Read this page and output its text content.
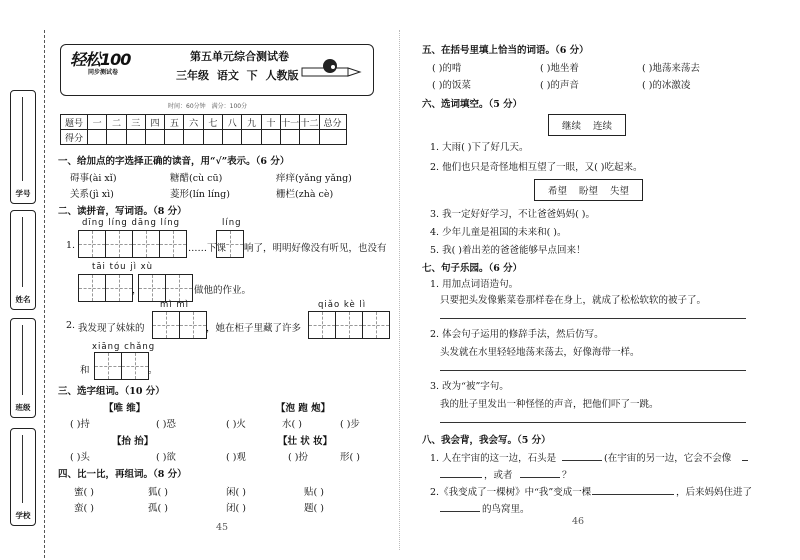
学号
姓名
班级
学校
轻松100
同步测试卷
第五单元综合测试卷
三年级 语文 下 人教版
时间：60分钟　满分：100分
题号	一	二	三	四	五	六	七	八	九	十	十一	十二	总分
得分													
一、给加点的字选择正确的读音，用“√”表示。（6 分）
碍事(ài xǐ)	糖醋(cù cū)	痒痒(yǎng yǎng)
关系(jì xì)	菱形(lín líng)	栅栏(zhà cè)
二、读拼音，写词语。（8 分）
dīng líng dāng líng	líng
1.	……下课 响了，明明好像没有听见，也没有
tāi tóu jì xù
，	做他的作业。
mì mì	qiǎo kè lì
2. 我发现了妹妹的	，她在柜子里藏了许多
xiāng chǎng
和	。
三、选字组词。（10 分）
【唯 维】	【泡 跑 炮】
( )持	( )恐	( )火	水( )	( )步
【抬 抬】	【壮 状 妆】
( )头	( )欲	( )观	( )扮	形( )
四、比一比，再组词。（8 分）
蜜( )	狐( )	闲( )	贴( )
蛮( )	孤( )	闭( )	题( )
45
五、在括号里填上恰当的词语。（6 分）
( )的啃	( )地坐着	( )地荡来荡去
( )的饭菜	( )的声音	( )的冰激凌
六、选词填空。（5 分）
继续 连续
1. 大雨( )下了好几天。
2. 他们也只是奇怪地相互望了一眼，又( )吃起来。
希望 盼望 失望
3. 我一定好好学习，不让爸爸妈妈( )。
4. 少年儿童是祖国的未来和( )。
5. 我( )着出差的爸爸能够早点回来！
七、句子乐园。（6 分）
1. 用加点词语造句。
只要把头发像紫菜卷那样卷在身上，就成了松松软软的被子了。
2. 体会句子运用的修辞手法，然后仿写。
头发就在水里轻轻地荡来荡去，好像海带一样。
3. 改为“被”字句。
我的肚子里发出一种怪怪的声音，把他们吓了一跳。
八、我会背，我会写。（5 分）
1. 人在宇宙的这一边，石头是	(在宇宙的另一边，它会不会像
，或者	？
2.《我变成了一棵树》中“我”变成一棵	，后来妈妈住进了
的鸟窝里。
46
